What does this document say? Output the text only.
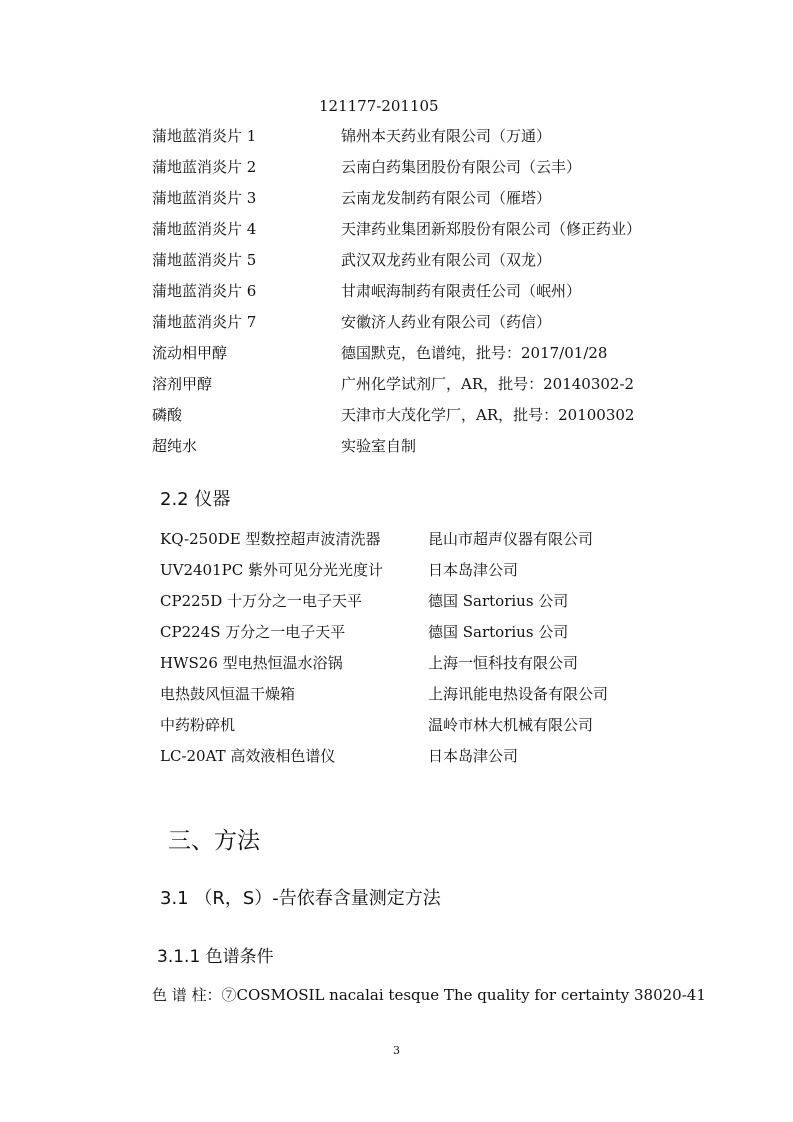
121177-201105
蒲地蓝消炎片 1	锦州本天药业有限公司（万通）
蒲地蓝消炎片 2	云南白药集团股份有限公司（云丰）
蒲地蓝消炎片 3	云南龙发制药有限公司（雁塔）
蒲地蓝消炎片 4	天津药业集团新郑股份有限公司（修正药业）
蒲地蓝消炎片 5	武汉双龙药业有限公司（双龙）
蒲地蓝消炎片 6	甘肃岷海制药有限责任公司（岷州）
蒲地蓝消炎片 7	安徽济人药业有限公司（药信）
流动相甲醇	德国默克，色谱纯，批号：2017/01/28
溶剂甲醇	广州化学试剂厂，AR，批号：20140302-2
磷酸	天津市大茂化学厂，AR，批号：20100302
超纯水	实验室自制
2.2 仪器
KQ-250DE 型数控超声波清洗器	昆山市超声仪器有限公司
UV2401PC 紫外可见分光光度计	日本岛津公司
CP225D 十万分之一电子天平	德国 Sartorius 公司
CP224S 万分之一电子天平	德国 Sartorius 公司
HWS26 型电热恒温水浴锅	上海一恒科技有限公司
电热鼓风恒温干燥箱	上海讯能电热设备有限公司
中药粉碎机	温岭市林大机械有限公司
LC-20AT 高效液相色谱仪	日本岛津公司
三、方法
3.1 （R，S）-告依春含量测定方法
3.1.1 色谱条件
色 谱 柱：⑦COSMOSIL nacalai tesque The quality for certainty 38020-41
3
